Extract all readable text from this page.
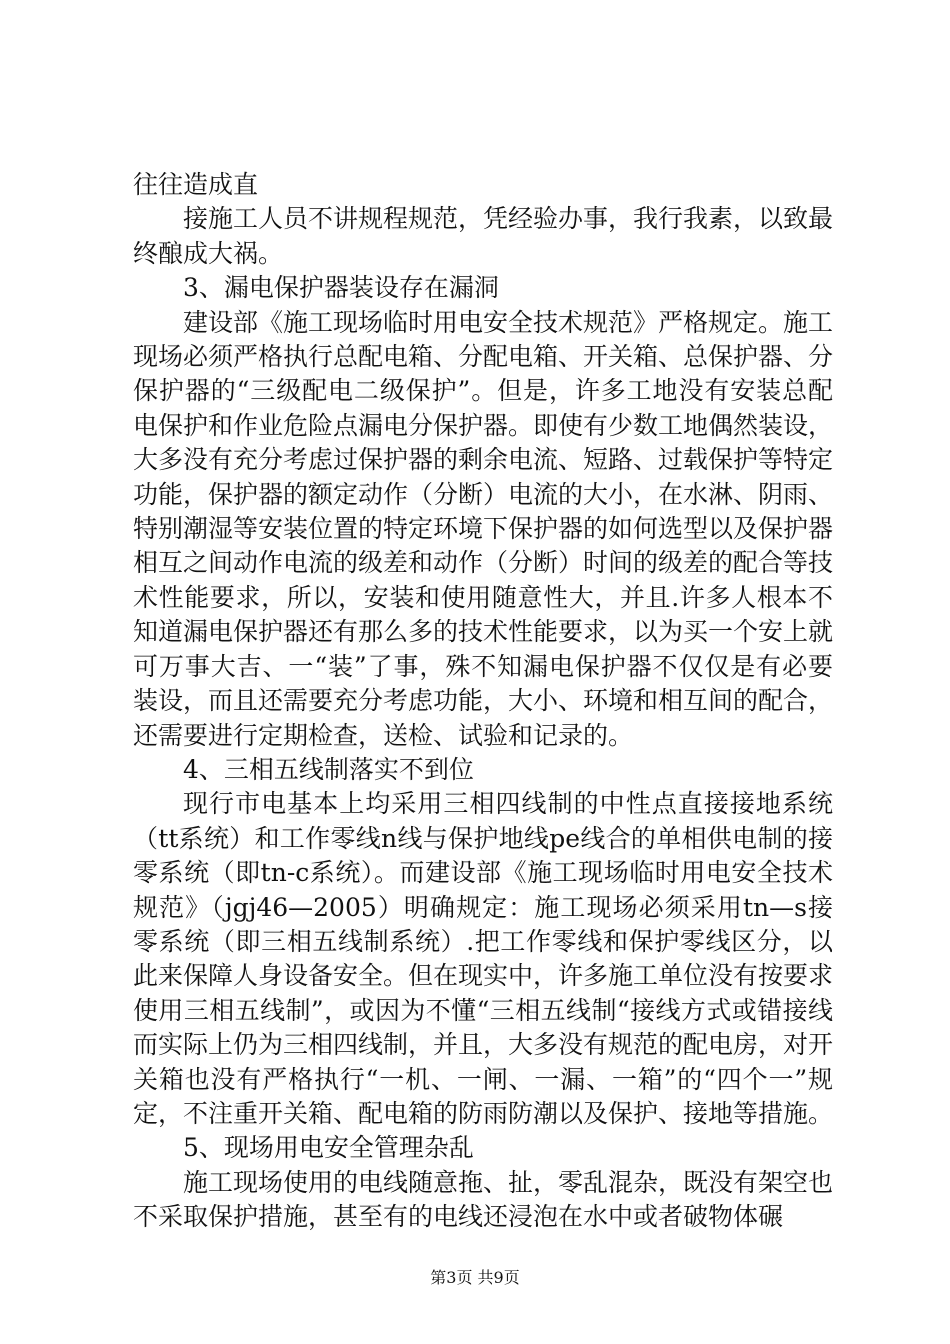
往往造成直

接施工人员不讲规程规范，凭经验办事，我行我素，以致最终酿成大祸。

3、漏电保护器装设存在漏洞

建设部《施工现场临时用电安全技术规范》严格规定。施工现场必须严格执行总配电箱、分配电箱、开关箱、总保护器、分保护器的“三级配电二级保护”。但是，许多工地没有安装总配电保护和作业危险点漏电分保护器。即使有少数工地偶然装设，大多没有充分考虑过保护器的剩余电流、短路、过载保护等特定功能，保护器的额定动作（分断）电流的大小，在水淋、阴雨、特别潮湿等安装位置的特定环境下保护器的如何选型以及保护器相互之间动作电流的级差和动作（分断）时间的级差的配合等技术性能要求，所以，安装和使用随意性大，并且.许多人根本不知道漏电保护器还有那么多的技术性能要求，以为买一个安上就可万事大吉、一“装”了事，殊不知漏电保护器不仅仅是有必要装设，而且还需要充分考虑功能，大小、环境和相互间的配合，还需要进行定期检查，送检、试验和记录的。

4、三相五线制落实不到位

现行市电基本上均采用三相四线制的中性点直接接地系统（tt系统）和工作零线n线与保护地线pe线合的单相供电制的接零系统（即tn-c系统）。而建设部《施工现场临时用电安全技术规范》（jgj46—2005）明确规定：施工现场必须采用tn—s接零系统（即三相五线制系统）.把工作零线和保护零线区分，以此来保障人身设备安全。但在现实中，许多施工单位没有按要求使用三相五线制”，或因为不懂“三相五线制“接线方式或错接线而实际上仍为三相四线制，并且，大多没有规范的配电房，对开关箱也没有严格执行“一机、一闸、一漏、一箱”的“四个一”规定，不注重开关箱、配电箱的防雨防潮以及保护、接地等措施。

5、现场用电安全管理杂乱

施工现场使用的电线随意拖、扯，零乱混杂，既没有架空也不采取保护措施，甚至有的电线还浸泡在水中或者破物体碾

第3页 共9页
